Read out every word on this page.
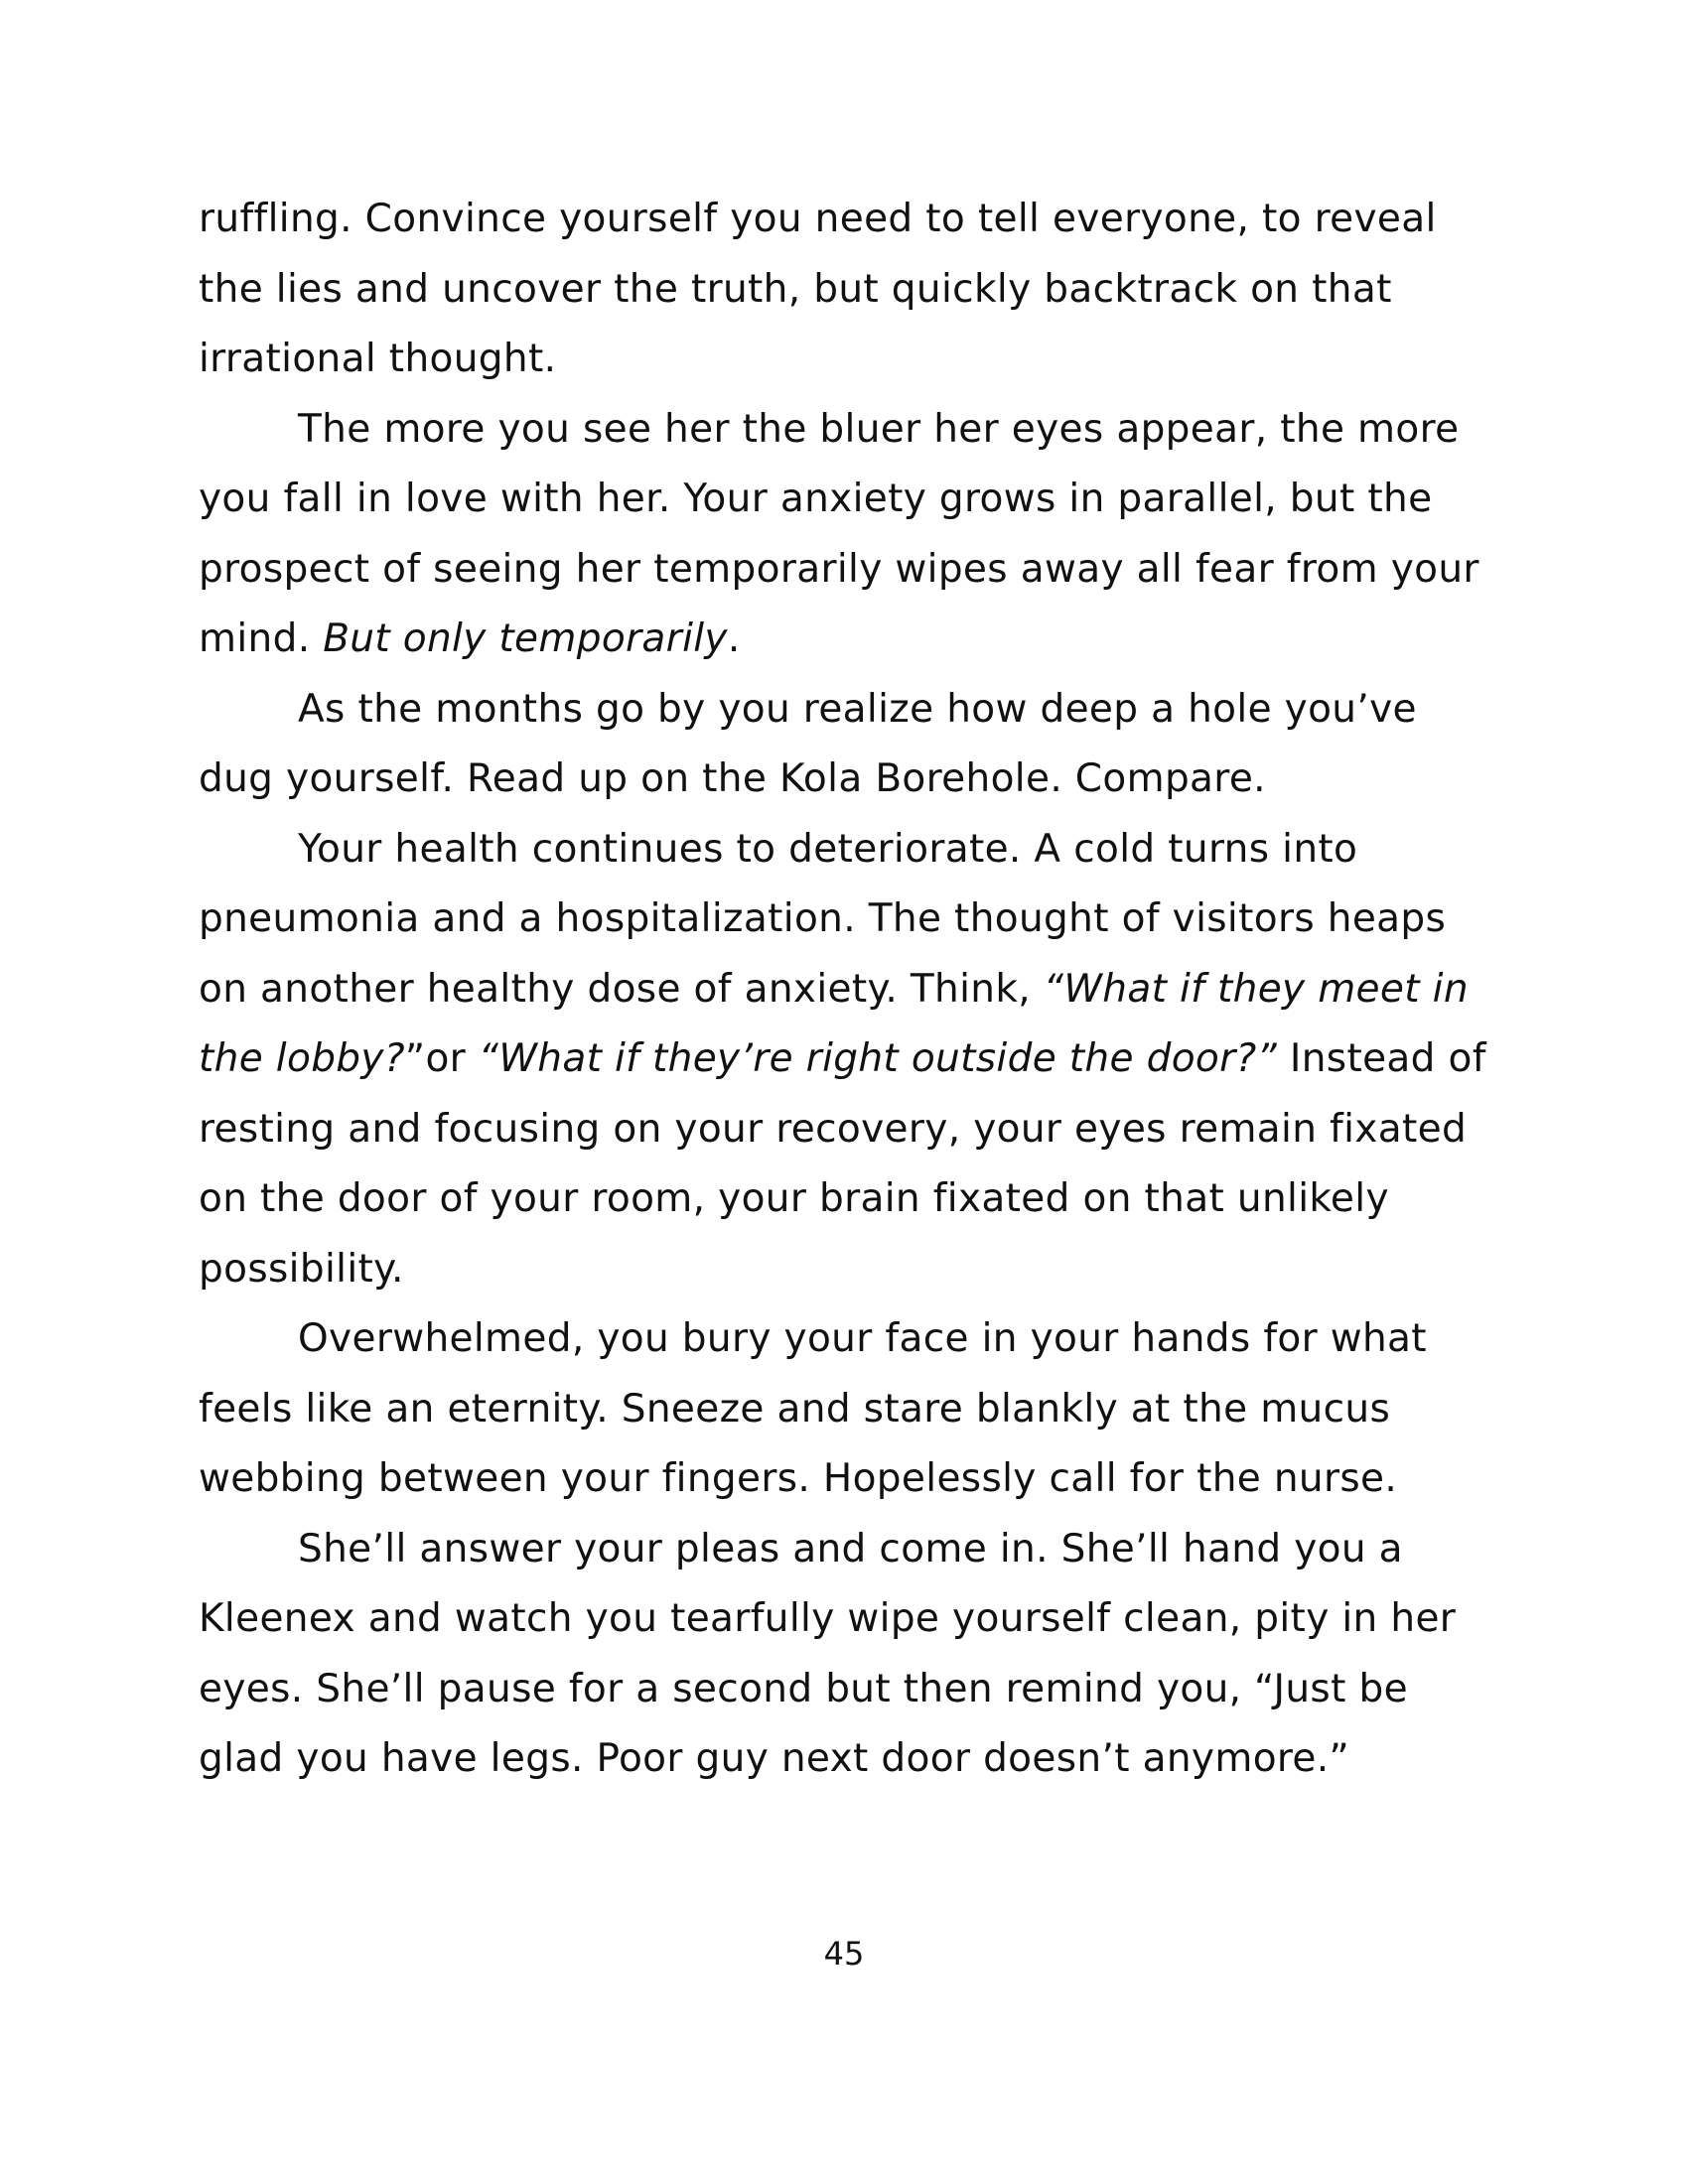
ruffling. Convince yourself you need to tell everyone, to reveal the lies and uncover the truth, but quickly backtrack on that irrational thought.

The more you see her the bluer her eyes appear, the more you fall in love with her. Your anxiety grows in parallel, but the prospect of seeing her temporarily wipes away all fear from your mind. But only temporarily.

As the months go by you realize how deep a hole you’ve dug yourself. Read up on the Kola Borehole. Compare.

Your health continues to deteriorate. A cold turns into pneumonia and a hospitalization. The thought of visitors heaps on another healthy dose of anxiety. Think, “What if they meet in the lobby?”or “What if they’re right outside the door?” Instead of resting and focusing on your recovery, your eyes remain fixated on the door of your room, your brain fixated on that unlikely possibility.

Overwhelmed, you bury your face in your hands for what feels like an eternity. Sneeze and stare blankly at the mucus webbing between your fingers. Hopelessly call for the nurse.

She’ll answer your pleas and come in. She’ll hand you a Kleenex and watch you tearfully wipe yourself clean, pity in her eyes. She’ll pause for a second but then remind you, “Just be glad you have legs. Poor guy next door doesn’t anymore.”

45
